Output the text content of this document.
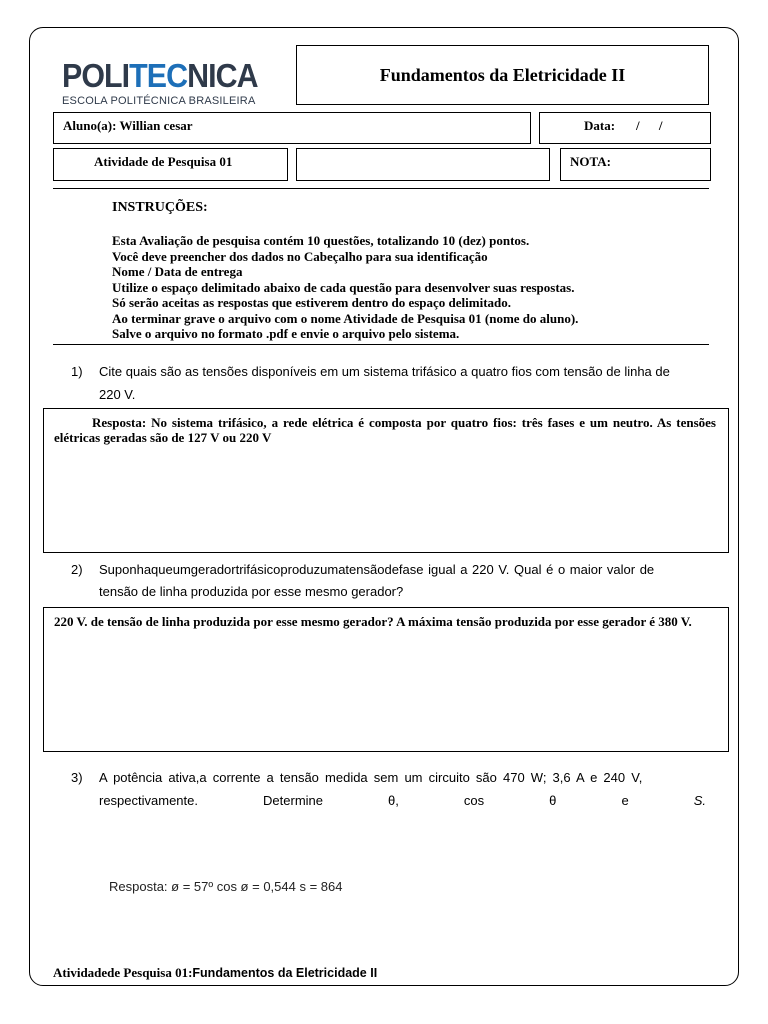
POLITECNICA
ESCOLA POLITÉCNICA BRASILEIRA
Fundamentos da Eletricidade II
Aluno(a): Willian cesar	Data: / /
Atividade de Pesquisa 01	NOTA:
INSTRUÇÕES:
Esta Avaliação de pesquisa contém 10 questões, totalizando 10 (dez) pontos.
Você deve preencher dos dados no Cabeçalho para sua identificação
Nome / Data de entrega
Utilize o espaço delimitado abaixo de cada questão para desenvolver suas respostas.
Só serão aceitas as respostas que estiverem dentro do espaço delimitado.
Ao terminar grave o arquivo com o nome Atividade de Pesquisa 01 (nome do aluno).
Salve o arquivo no formato .pdf e envie o arquivo pelo sistema.
1) Cite quais são as tensões disponíveis em um sistema trifásico a quatro fios com tensão de linha de
220 V.
Resposta: No sistema trifásico, a rede elétrica é composta por quatro fios: três fases e um neutro. As tensões elétricas geradas são de 127 V ou 220 V
2) Suponhaqueumgeradortrifásicoproduzumatensãodefase igual a 220 V. Qual é o maior valor de
tensão de linha produzida por esse mesmo gerador?
220 V. de tensão de linha produzida por esse mesmo gerador? A máxima tensão produzida por esse gerador é 380 V.
3) A potência ativa,a corrente a tensão medida sem um circuito são 470 W; 3,6 A e 240 V,
respectivamente.	Determine	θ,	cos	θ	e	S.
Resposta: ø = 57º cos ø = 0,544 s = 864
Atividadede Pesquisa 01:Fundamentos da Eletricidade II
